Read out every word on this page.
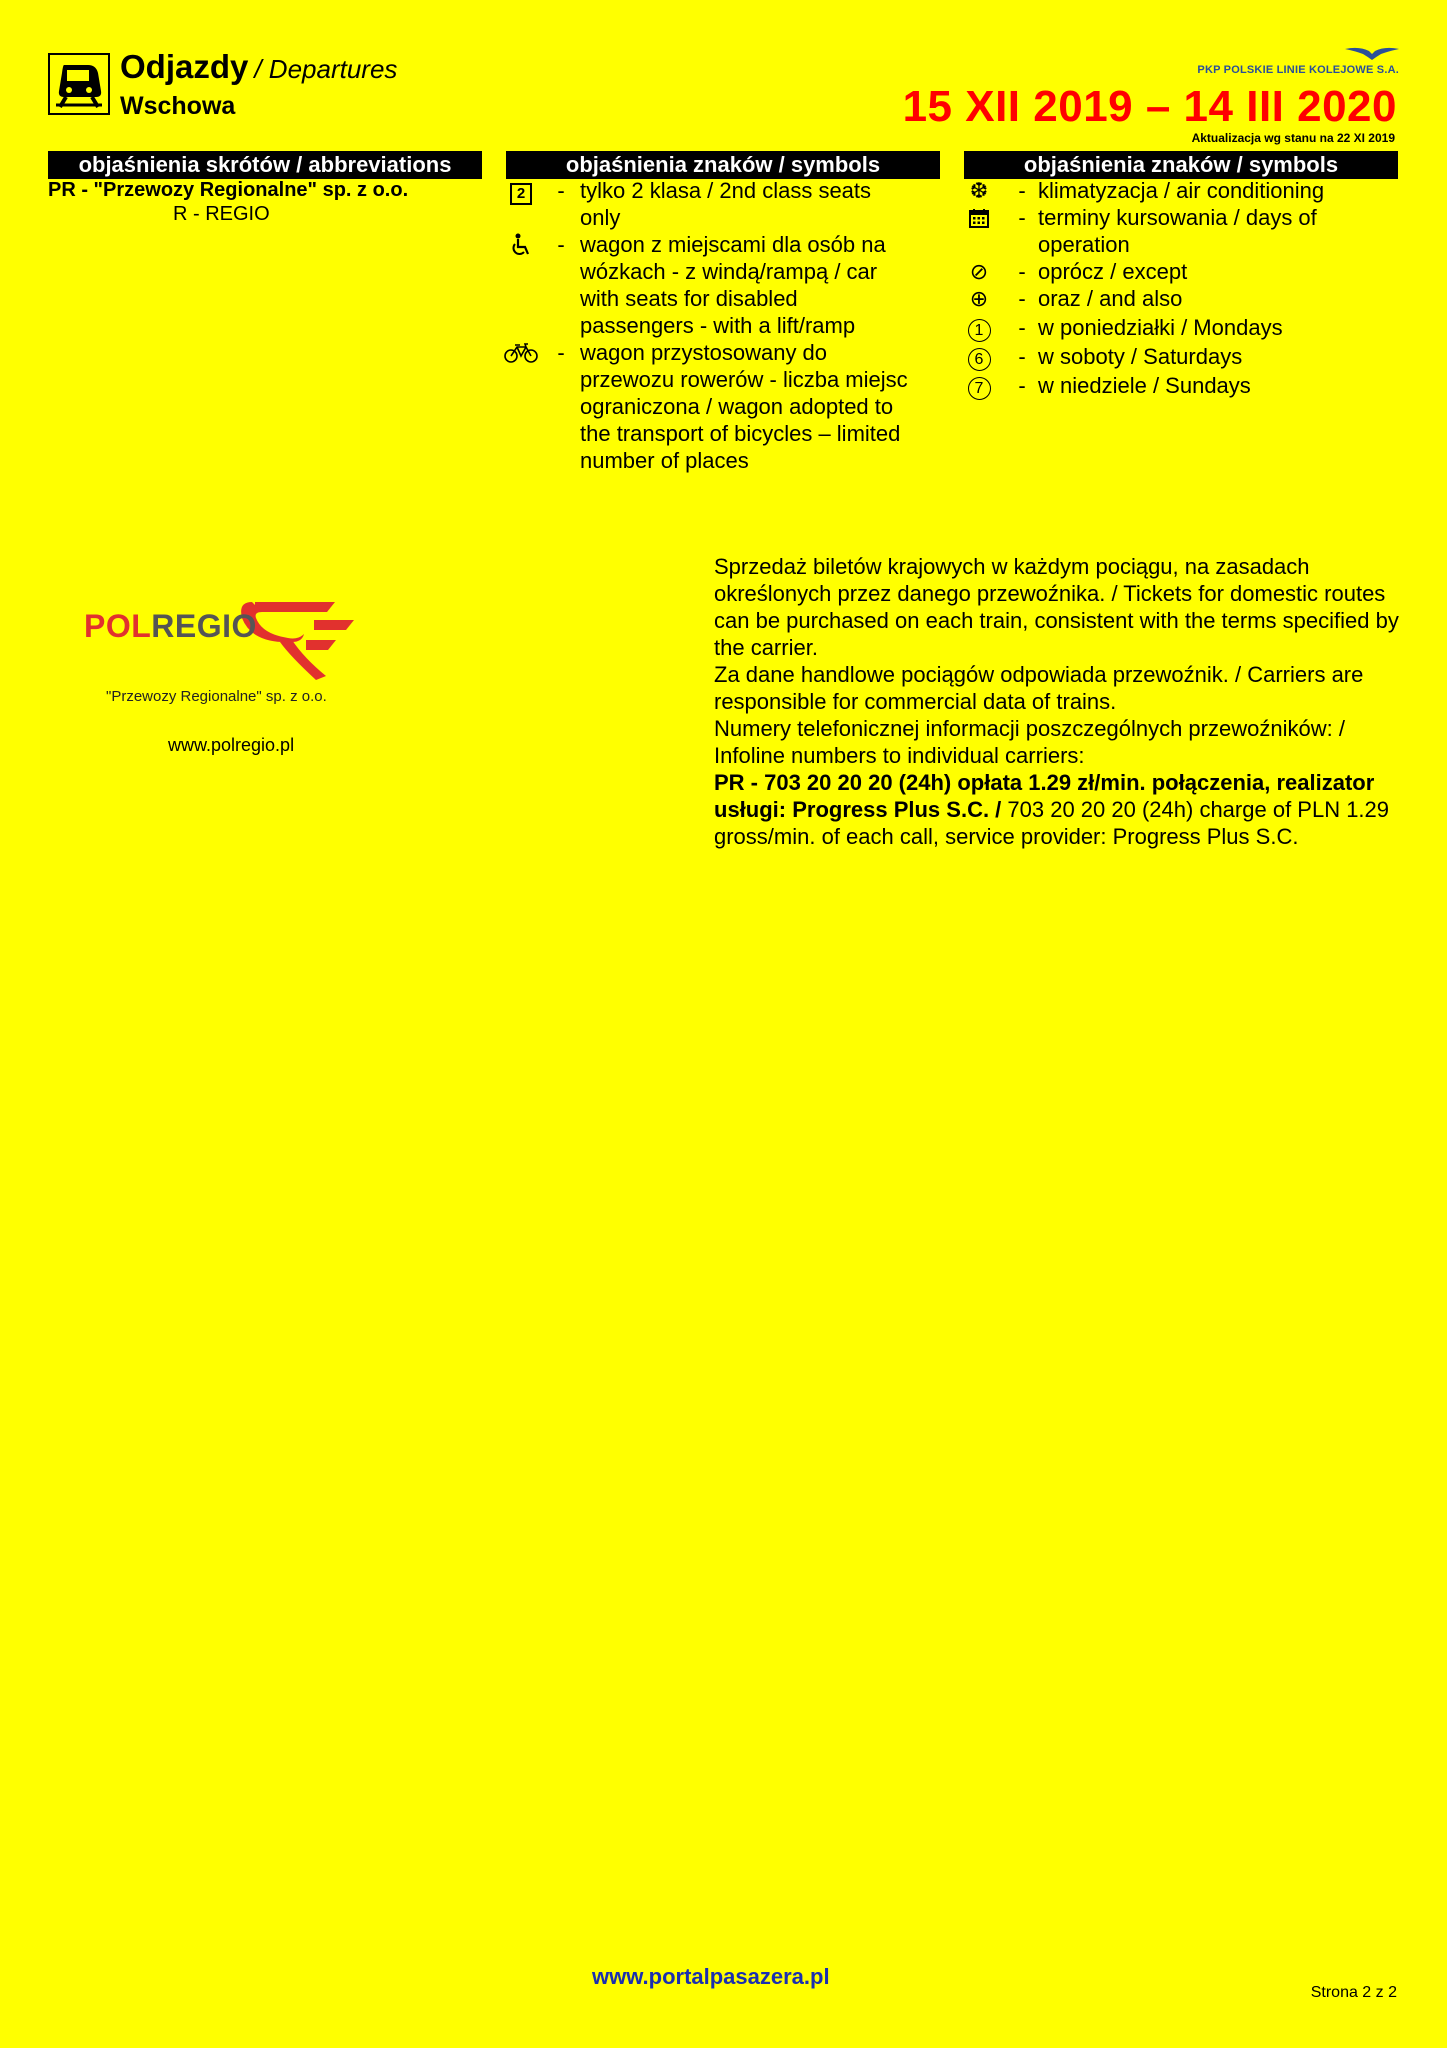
Odjazdy / Departures
Wschowa
PKP POLSKIE LINIE KOLEJOWE S.A.
15 XII 2019 – 14 III 2020
Aktualizacja wg stanu na 22 XI 2019
objaśnienia skrótów / abbreviations	objaśnienia znaków / symbols	objaśnienia znaków / symbols
PR - "Przewozy Regionalne" sp. z o.o.
R - REGIO
2	- tylko 2 klasa / 2nd class seats only
- wagon z miejscami dla osób na wózkach - z windą/rampą / car with seats for disabled passengers - with a lift/ramp
- wagon przystosowany do przewozu rowerów - liczba miejsc ograniczona / wagon adopted to the transport of bicycles – limited number of places
❆ - klimatyzacja / air conditioning
- terminy kursowania / days of operation
⊘ - oprócz / except
⊕ - oraz / and also
1	- w poniedziałki / Mondays
6	- w soboty / Saturdays
7	- w niedziele / Sundays
POLREGIO
"Przewozy Regionalne" sp. z o.o.
www.polregio.pl

Sprzedaż biletów krajowych w każdym pociągu, na zasadach określonych przez danego przewoźnika. / Tickets for domestic routes can be purchased on each train, consistent with the terms specified by the carrier.

Za dane handlowe pociągów odpowiada przewoźnik. / Carriers are responsible for commercial data of trains.

Numery telefonicznej informacji poszczególnych przewoźników: / Infoline numbers to individual carriers:

PR - 703 20 20 20 (24h) opłata 1.29 zł/min. połączenia, realizator usługi: Progress Plus S.C. / 703 20 20 20 (24h) charge of PLN 1.29 gross/min. of each call, service provider: Progress Plus S.C.

www.portalpasazera.pl
Strona 2 z 2
